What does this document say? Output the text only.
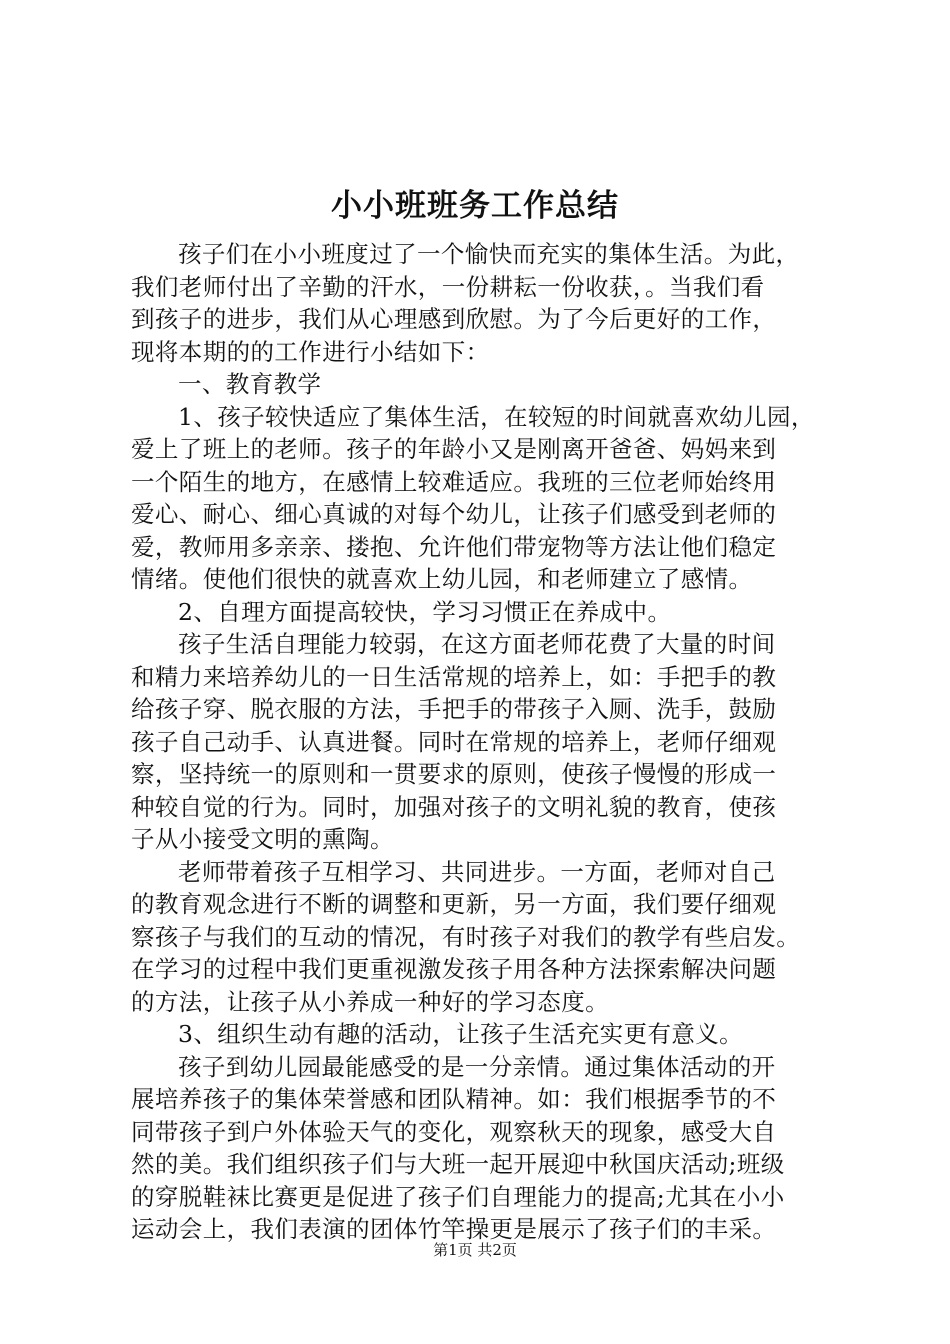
小小班班务工作总结
孩子们在小小班度过了一个愉快而充实的集体生活。为此，
我们老师付出了辛勤的汗水，一份耕耘一份收获，。当我们看
到孩子的进步，我们从心理感到欣慰。为了今后更好的工作，
现将本期的的工作进行小结如下：
一、教育教学
1、孩子较快适应了集体生活，在较短的时间就喜欢幼儿园，
爱上了班上的老师。孩子的年龄小又是刚离开爸爸、妈妈来到
一个陌生的地方，在感情上较难适应。我班的三位老师始终用
爱心、耐心、细心真诚的对每个幼儿，让孩子们感受到老师的
爱，教师用多亲亲、搂抱、允许他们带宠物等方法让他们稳定
情绪。使他们很快的就喜欢上幼儿园，和老师建立了感情。
2、自理方面提高较快，学习习惯正在养成中。
孩子生活自理能力较弱，在这方面老师花费了大量的时间
和精力来培养幼儿的一日生活常规的培养上，如：手把手的教
给孩子穿、脱衣服的方法，手把手的带孩子入厕、洗手，鼓励
孩子自己动手、认真进餐。同时在常规的培养上，老师仔细观
察，坚持统一的原则和一贯要求的原则，使孩子慢慢的形成一
种较自觉的行为。同时，加强对孩子的文明礼貌的教育，使孩
子从小接受文明的熏陶。
老师带着孩子互相学习、共同进步。一方面，老师对自己
的教育观念进行不断的调整和更新，另一方面，我们要仔细观
察孩子与我们的互动的情况，有时孩子对我们的教学有些启发。
在学习的过程中我们更重视激发孩子用各种方法探索解决问题
的方法，让孩子从小养成一种好的学习态度。
3、组织生动有趣的活动，让孩子生活充实更有意义。
孩子到幼儿园最能感受的是一分亲情。通过集体活动的开
展培养孩子的集体荣誉感和团队精神。如：我们根据季节的不
同带孩子到户外体验天气的变化，观察秋天的现象，感受大自
然的美。我们组织孩子们与大班一起开展迎中秋国庆活动;班级
的穿脱鞋袜比赛更是促进了孩子们自理能力的提高;尤其在小小
运动会上，我们表演的团体竹竿操更是展示了孩子们的丰采。
第1页 共2页
